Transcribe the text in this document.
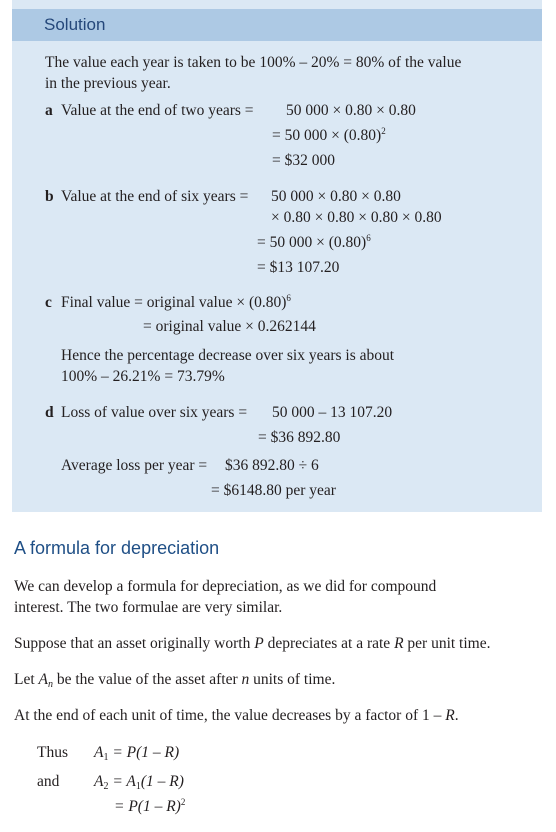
Solution
The value each year is taken to be 100% – 20% = 80% of the value
in the previous year.
a Value at the end of two years = 50 000 × 0.80 × 0.80
= 50 $000 \times (0.80)^2$
= $32 000
b Value at the end of six years = 50 000 × 0.80 × 0.80
× 0.80 × 0.80 × 0.80 × 0.80
= 50 $000 \times (0.80)^6$
= $13 107.20
c Final value = original value × $(0.80)^6$
= original value × 0.262144
Hence the percentage decrease over six years is about
100% – 26.21% = 73.79%
d Loss of value over six years = 50 000 – 13 107.20
= $36 892.80
Average loss per year = $36 892.80 ÷ 6
= $6148.80 per year
A formula for depreciation
We can develop a formula for depreciation, as we did for compound
interest. The two formulae are very similar.
Suppose that an asset originally worth P depreciates at a rate R per unit time.
Let $A_n$ be the value of the asset after n units of time.
At the end of each unit of time, the value decreases by a factor of 1 – R.
Thus $A_1 = P(1 - R)$
and $A_2 = A_1(1 - R)$
= P(1 – R)$^2$
